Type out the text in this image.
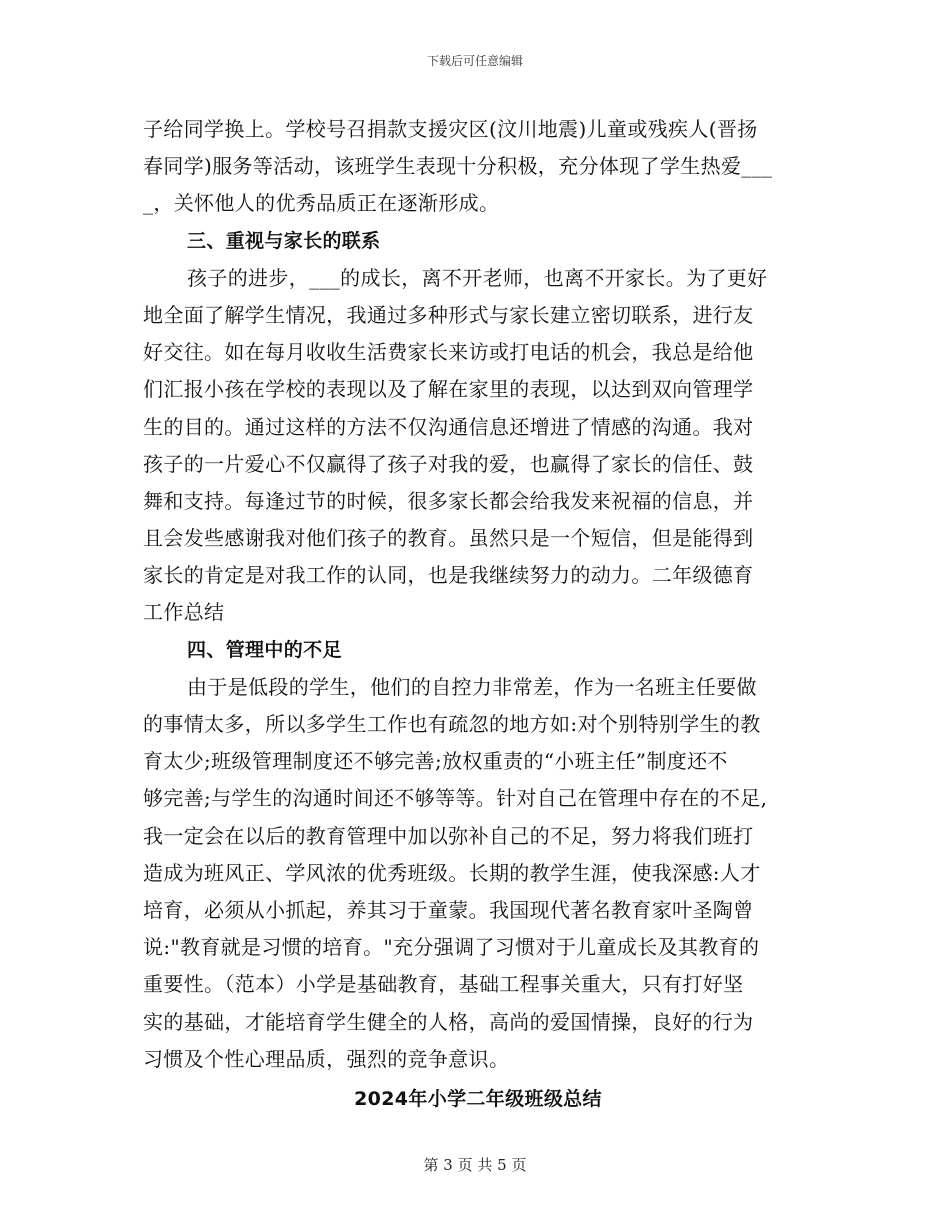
下载后可任意编辑
子给同学换上。学校号召捐款支援灾区(汶川地震)儿童或残疾人(晋扬
春同学)服务等活动，该班学生表现十分积极，充分体现了学生热爱___
_，关怀他人的优秀品质正在逐渐形成。
三、重视与家长的联系
孩子的进步，___的成长，离不开老师，也离不开家长。为了更好
地全面了解学生情况，我通过多种形式与家长建立密切联系，进行友
好交往。如在每月收收生活费家长来访或打电话的机会，我总是给他
们汇报小孩在学校的表现以及了解在家里的表现，以达到双向管理学
生的目的。通过这样的方法不仅沟通信息还增进了情感的沟通。我对
孩子的一片爱心不仅赢得了孩子对我的爱，也赢得了家长的信任、鼓
舞和支持。每逢过节的时候，很多家长都会给我发来祝福的信息，并
且会发些感谢我对他们孩子的教育。虽然只是一个短信，但是能得到
家长的肯定是对我工作的认同，也是我继续努力的动力。二年级德育
工作总结
四、管理中的不足
由于是低段的学生，他们的自控力非常差，作为一名班主任要做
的事情太多，所以多学生工作也有疏忽的地方如:对个别特别学生的教
育太少;班级管理制度还不够完善;放权重责的“小班主任”制度还不
够完善;与学生的沟通时间还不够等等。针对自己在管理中存在的不足,
我一定会在以后的教育管理中加以弥补自己的不足，努力将我们班打
造成为班风正、学风浓的优秀班级。长期的教学生涯，使我深感:人才
培育，必须从小抓起，养其习于童蒙。我国现代著名教育家叶圣陶曾
说:"教育就是习惯的培育。"充分强调了习惯对于儿童成长及其教育的
重要性。（范本）小学是基础教育，基础工程事关重大，只有打好坚
实的基础，才能培育学生健全的人格，高尚的爱国情操，良好的行为
习惯及个性心理品质，强烈的竞争意识。
2024年小学二年级班级总结
第 3 页 共 5 页
